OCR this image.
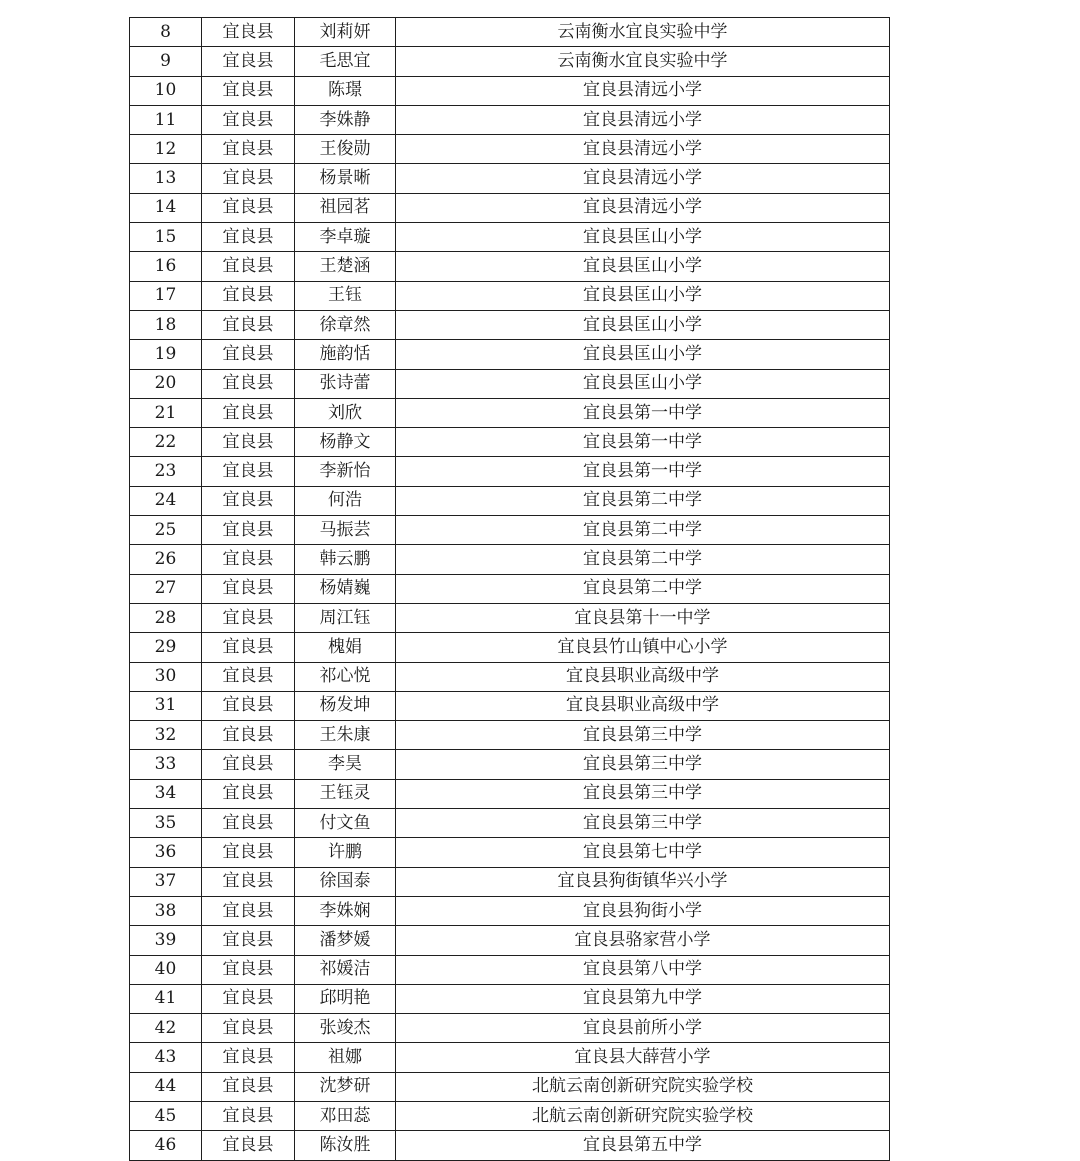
8	宜良县	刘莉妍	云南衡水宜良实验中学
9	宜良县	毛思宜	云南衡水宜良实验中学
10	宜良县	陈璟	宜良县清远小学
11	宜良县	李姝静	宜良县清远小学
12	宜良县	王俊勋	宜良县清远小学
13	宜良县	杨景晰	宜良县清远小学
14	宜良县	祖园茗	宜良县清远小学
15	宜良县	李卓璇	宜良县匡山小学
16	宜良县	王楚涵	宜良县匡山小学
17	宜良县	王钰	宜良县匡山小学
18	宜良县	徐章然	宜良县匡山小学
19	宜良县	施韵恬	宜良县匡山小学
20	宜良县	张诗蕾	宜良县匡山小学
21	宜良县	刘欣	宜良县第一中学
22	宜良县	杨静文	宜良县第一中学
23	宜良县	李新怡	宜良县第一中学
24	宜良县	何浩	宜良县第二中学
25	宜良县	马振芸	宜良县第二中学
26	宜良县	韩云鹏	宜良县第二中学
27	宜良县	杨婧巍	宜良县第二中学
28	宜良县	周江钰	宜良县第十一中学
29	宜良县	槐娟	宜良县竹山镇中心小学
30	宜良县	祁心悦	宜良县职业高级中学
31	宜良县	杨发坤	宜良县职业高级中学
32	宜良县	王朱康	宜良县第三中学
33	宜良县	李昊	宜良县第三中学
34	宜良县	王钰灵	宜良县第三中学
35	宜良县	付文鱼	宜良县第三中学
36	宜良县	许鹏	宜良县第七中学
37	宜良县	徐国泰	宜良县狗街镇华兴小学
38	宜良县	李姝娴	宜良县狗街小学
39	宜良县	潘梦媛	宜良县骆家营小学
40	宜良县	祁媛洁	宜良县第八中学
41	宜良县	邱明艳	宜良县第九中学
42	宜良县	张竣杰	宜良县前所小学
43	宜良县	祖娜	宜良县大薛营小学
44	宜良县	沈梦研	北航云南创新研究院实验学校
45	宜良县	邓田蕊	北航云南创新研究院实验学校
46	宜良县	陈汝胜	宜良县第五中学
